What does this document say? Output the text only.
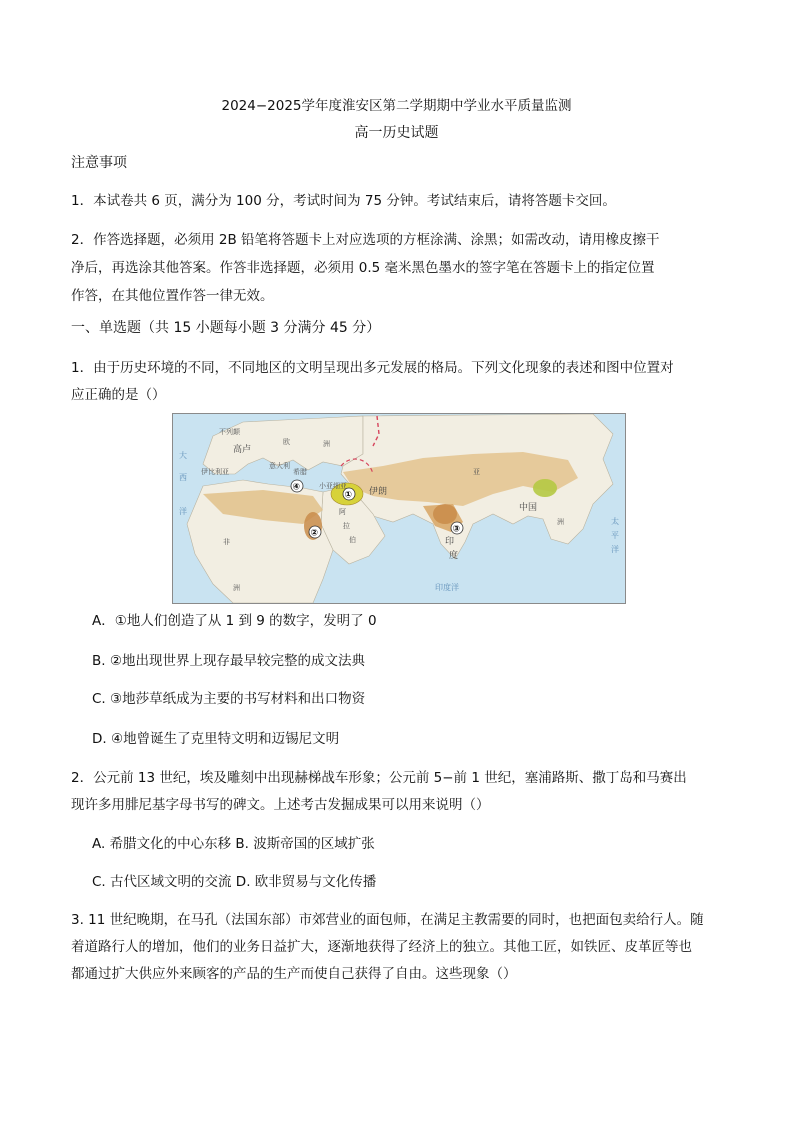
2024−2025学年度淮安区第二学期期中学业水平质量监测
高一历史试题
注意事项
1．本试卷共 6 页，满分为 100 分，考试时间为 75 分钟。考试结束后，请将答题卡交回。
2．作答选择题，必须用 2B 铅笔将答题卡上对应选项的方框涂满、涂黑；如需改动，请用橡皮擦干
净后，再选涂其他答案。作答非选择题，必须用 0.5 毫米黑色墨水的签字笔在答题卡上的指定位置
作答，在其他位置作答一律无效。
一、单选题（共 15 小题每小题 3 分满分 45 分）
1．由于历史环境的不同，不同地区的文明呈现出多元发展的格局。下列文化现象的表述和图中位置对
应正确的是（）
①
②	③
④
不列颠
高卢
伊比利亚
意大利
希腊
小亚细亚
伊朗
阿
拉
伯	印
度
中国
欧	洲
亚
洲
非
洲
大
西
洋
印度洋
太
平
洋
A．①地人们创造了从 1 到 9 的数字，发明了 0
B. ②地出现世界上现存最早较完整的成文法典
C. ③地莎草纸成为主要的书写材料和出口物资
D. ④地曾诞生了克里特文明和迈锡尼文明
2．公元前 13 世纪，埃及雕刻中出现赫梯战车形象；公元前 5−前 1 世纪，塞浦路斯、撒丁岛和马赛出
现许多用腓尼基字母书写的碑文。上述考古发掘成果可以用来说明（）
A. 希腊文化的中心东移 B. 波斯帝国的区域扩张
C. 古代区域文明的交流 D. 欧非贸易与文化传播
3. 11 世纪晚期，在马孔（法国东部）市郊营业的面包师，在满足主教需要的同时，也把面包卖给行人。随
着道路行人的增加，他们的业务日益扩大，逐渐地获得了经济上的独立。其他工匠，如铁匠、皮革匠等也
都通过扩大供应外来顾客的产品的生产而使自己获得了自由。这些现象（）
